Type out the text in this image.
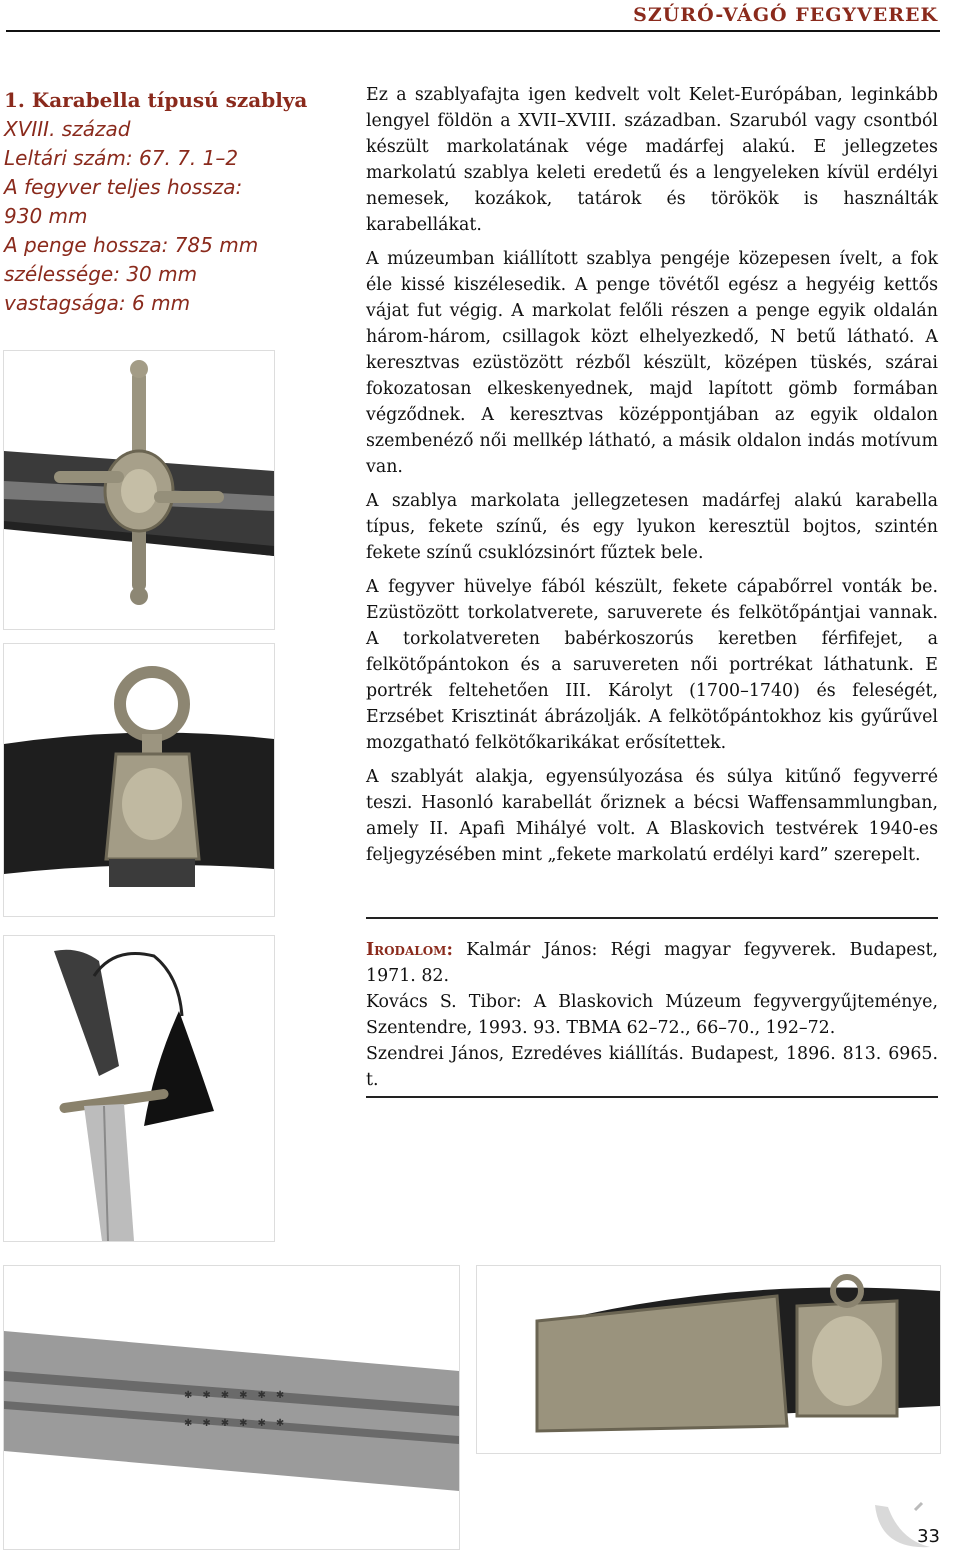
SZÚRÓ-VÁGÓ FEGYVEREK
1. Karabella típusú szablya
XVIII. század
Leltári szám: 67. 7. 1–2
A fegyver teljes hossza:
930 mm
A penge hossza: 785 mm
szélessége: 30 mm
vastagsága: 6 mm

Ez a szablyafajta igen kedvelt volt Kelet-Európában, leginkább lengyel földön a XVII–XVIII. században. Szaruból vagy csontból készült markolatának vége madárfej alakú. E jellegzetes markolatú szablya keleti eredetű és a lengyeleken kívül erdélyi nemesek, kozákok, tatárok és törökök is használták karabellákat.

A múzeumban kiállított szablya pengéje közepesen ívelt, a fok éle kissé kiszélesedik. A penge tövétől egész a hegyéig kettős vájat fut végig. A markolat felőli részen a penge egyik oldalán három-három, csillagok közt elhelyezkedő, N betű látható. A keresztvas ezüstözött rézből készült, középen tüskés, szárai fokozatosan elkeskenyednek, majd lapított gömb formában végződnek. A keresztvas középpontjában az egyik oldalon szembenéző női mellkép látható, a másik oldalon indás motívum van.

A szablya markolata jellegzetesen madárfej alakú karabella típus, fekete színű, és egy lyukon keresztül bojtos, szintén fekete színű csuklózsinórt fűztek bele.

A fegyver hüvelye fából készült, fekete cápabőrrel vonták be. Ezüstözött torkolatverete, saruverete és felkötőpántjai vannak. A torkolatvereten babérkoszorús keretben férfifejet, a felkötőpántokon és a saruvereten női portrékat láthatunk. E portrék feltehetően III. Károlyt (1700–1740) és feleségét, Erzsébet Krisztinát ábrázolják. A felkötőpántokhoz kis gyűrűvel mozgatható felkötőkarikákat erősítettek.

A szablyát alakja, egyensúlyozása és súlya kitűnő fegyverré teszi. Hasonló karabellát őriznek a bécsi Waffensammlungban, amely II. Apafi Mihályé volt. A Blaskovich testvérek 1940-es feljegyzésében mint „fekete markolatú erdélyi kard” szerepelt.

Irodalom: Kalmár János: Régi magyar fegyverek. Budapest, 1971. 82.

Kovács S. Tibor: A Blaskovich Múzeum fegyvergyűjteménye, Szentendre, 1993. 93. TBMA 62–72., 66–70., 192–72.

Szendrei János, Ezredéves kiállítás. Budapest, 1896. 813. 6965. t.

✱✱✱✱✱✱
✱✱✱✱✱✱
33
